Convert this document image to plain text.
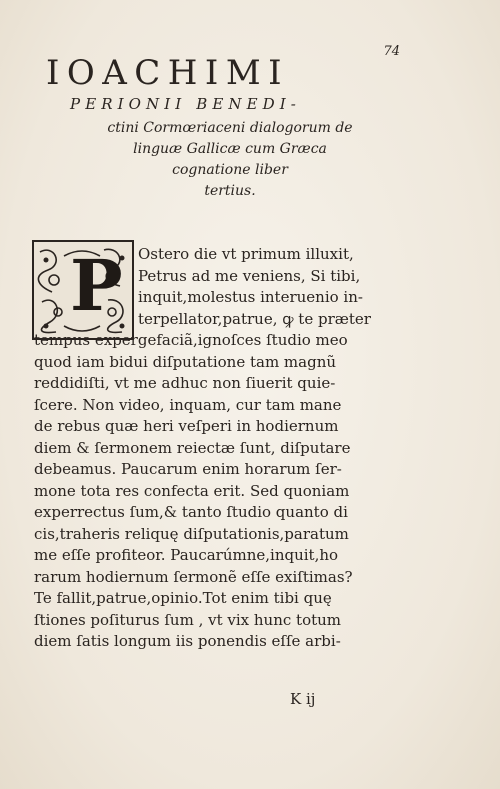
74
IOACHIMI
PERIONII BENEDI-
ctini Cormœriaceni dialogorum de
linguæ Gallicæ cum Græca
cognatione liber
tertius.
P	Ostero die vt primum illuxit,
Petrus ad me veniens, Si tibi,
inquit,molestus interuenio in-
terpellator,patrue, ꝙ te præter
tempus expergefaciã,ignoſces ſtudio meo
quod iam bidui diſputatione tam magnũ
reddidiſti, vt me adhuc non ſiuerit quie-
ſcere. Non video, inquam, cur tam mane
de rebus quæ heri veſperi in hodiernum
diem & ſermonem reiectæ ſunt, diſputare
debeamus. Paucarum enim horarum ſer-
mone tota res confecta erit. Sed quoniam
experrectus ſum,& tanto ſtudio quanto di
cis,traheris reliquę diſputationis,paratum
me eſſe profiteor. Paucarúmne,inquit,ho
rarum hodiernum ſermonẽ eſſe exiſtimas?
Te fallit,patrue,opinio.Tot enim tibi quę
ſtiones poſiturus ſum , vt vix hunc totum
diem ſatis longum iis ponendis eſſe arbi-
K ij
